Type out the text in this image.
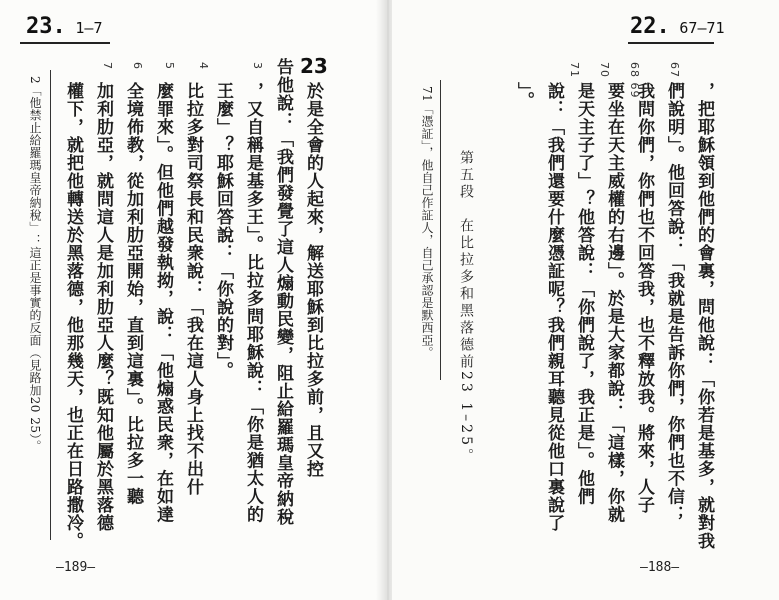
23. 1–7
23
於是全會的人起來，解送耶穌到比拉多前，且又控
告他說：「我們發覺了這人煽動民變，阻止給羅瑪皇帝納稅
，又自稱是基多王」。比拉多問耶穌說：「你是猶太人的
王麼」？耶穌回答說：「你說的對」。
比拉多對司祭長和民衆說：「我在這人身上找不出什
麼罪來」。但他們越發執拗，說：「他煽惑民衆，在如達
全境佈教，從加利肋亞開始，直到這裏」。比拉多一聽
加利肋亞，就問這人是加利肋亞人麼？既知他屬於黑落德
權下，就把他轉送於黑落德，他那幾天，也正在日路撒冷。
3
4
5
6
7
2「他禁止給羅瑪皇帝納稅」：這正是事實的反面（見路加20 25）。
—189—
22. 67–71
，把耶穌領到他們的會裏，問他說：「你若是基多，就對我
們說明」。他回答說：「我就是告訴你們，你們也不信；
我問你們，你們也不回答我，也不釋放我。將來，人子
要坐在天主威權的右邊」。於是大家都說：「這樣，你就
是天主子了」？他答說：「你們說了，我正是」。他們
說：「我們還要什麼憑証呢？我們親耳聽見從他口裏說了
」。
67
68 69
70
71
第五段　在比拉多和黑落德前23 1–25。
71「憑証」，他自己作証人，自己承認是默西亞。
—188—
